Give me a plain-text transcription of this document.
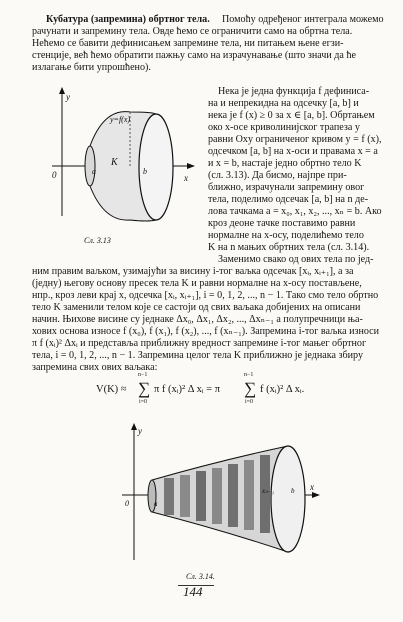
Кубатура (запремина) обртног тела. Помоћу одређеног интеграла можемо
рачунати и запремину тела. Овде ћемо се ограничити само на обртна тела.
Нећемо се бавити дефинисањем запремине тела, ни питањем њене егзи-
стенције, већ ћемо обратити пажњу само на израчунавање (што значи да ће
излагање бити упрошћено).
y
x
0	a	b
K
y=f(x)
Сл. 3.13
Нека је једна функција f дефиниса-
на и непрекидна на одсечку [a, b] и
нека је f (x) ≥ 0 за x ∈ [a, b]. Обртањем
око x-осе криволинијског трапеза у
равни Oxy ограниченог кривом y = f (x),
одсечком [a, b] на x-оси и правама x = a
и x = b, настаје једно обртно тело K
(сл. 3.13). Да бисмо, најпре при-
ближно, израчунали запремину овог
тела, поделимо одсечак [a, b] на n де-
лова тачкама a = x₀, x₁, x₂, ..., xₙ = b. Ако
кроз деоне тачке поставимо равни
нормалне на x-осу, поделићемо тело
K на n мањих обртних тела (сл. 3.14).
Заменимо свако од ових тела по јед-
ним правим ваљком, узимајући за висину i-тог ваљка одсечак [xᵢ, xᵢ₊₁], а за
(једну) његову основу пресек тела K и равни нормалне на x-осу постављене,
нпр., кроз леви крај x, одсечка [xᵢ, xᵢ₊₁], i = 0, 1, 2, ..., n − 1. Тако смо тело обртно
тело K заменили телом које се састоји од свих ваљака добијених на описани
начин. Њихове висине су једнаке Δx₀, Δx₁, Δx₂, ..., Δxₙ₋₁ а полупречници ња-
хових основа износе f (x₀), f (x₁), f (x₂), ..., f (xₙ₋₁). Запремина i-тог ваљка износи
π f (xᵢ)² Δxᵢ и представља приближну вредност запремине i-тог мањег обртног
тела, i = 0, 1, 2, ..., n − 1. Запремина целог тела K приближно је једнака збиру
запремина свих ових ваљака:
V(K) ≈
n−1
∑
i=0
π f (xᵢ)² Δ xᵢ = π
n−1
∑
i=0
f (xᵢ)² Δ xᵢ.
y
x
0	a
xₙ₋₁ b
Сл. 3.14.
144
